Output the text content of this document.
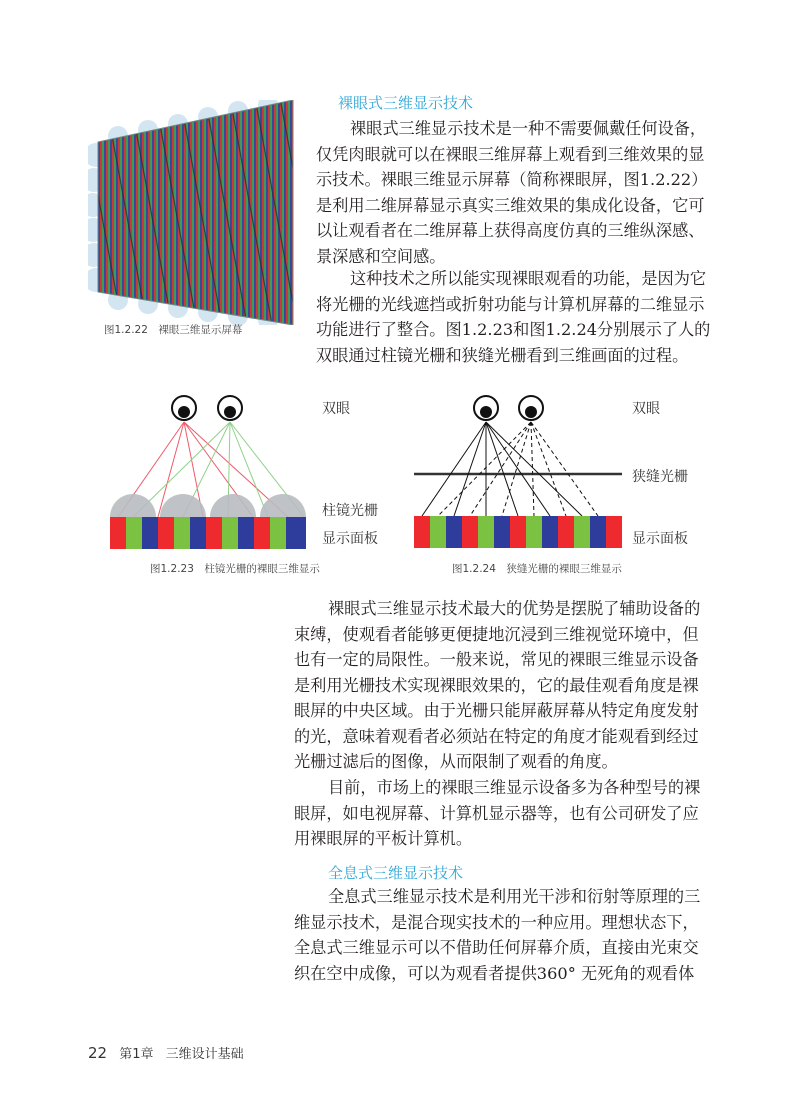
图1.2.22　裸眼三维显示屏幕
裸眼式三维显示技术
裸眼式三维显示技术是一种不需要佩戴任何设备，
仅凭肉眼就可以在裸眼三维屏幕上观看到三维效果的显
示技术。裸眼三维显示屏幕（简称裸眼屏，图1.2.22）
是利用二维屏幕显示真实三维效果的集成化设备，它可
以让观看者在二维屏幕上获得高度仿真的三维纵深感、
景深感和空间感。
这种技术之所以能实现裸眼观看的功能，是因为它
将光栅的光线遮挡或折射功能与计算机屏幕的二维显示
功能进行了整合。图1.2.23和图1.2.24分别展示了人的
双眼通过柱镜光栅和狭缝光栅看到三维画面的过程。
双眼
柱镜光栅
显示面板
图1.2.23　柱镜光栅的裸眼三维显示
双眼
狭缝光栅
显示面板
图1.2.24　狭缝光栅的裸眼三维显示
裸眼式三维显示技术最大的优势是摆脱了辅助设备的
束缚，使观看者能够更便捷地沉浸到三维视觉环境中，但
也有一定的局限性。一般来说，常见的裸眼三维显示设备
是利用光栅技术实现裸眼效果的，它的最佳观看角度是裸
眼屏的中央区域。由于光栅只能屏蔽屏幕从特定角度发射
的光，意味着观看者必须站在特定的角度才能观看到经过
光栅过滤后的图像，从而限制了观看的角度。
目前，市场上的裸眼三维显示设备多为各种型号的裸
眼屏，如电视屏幕、计算机显示器等，也有公司研发了应
用裸眼屏的平板计算机。
全息式三维显示技术
全息式三维显示技术是利用光干涉和衍射等原理的三
维显示技术，是混合现实技术的一种应用。理想状态下，
全息式三维显示可以不借助任何屏幕介质，直接由光束交
织在空中成像，可以为观看者提供360° 无死角的观看体
22 第1章 三维设计基础
